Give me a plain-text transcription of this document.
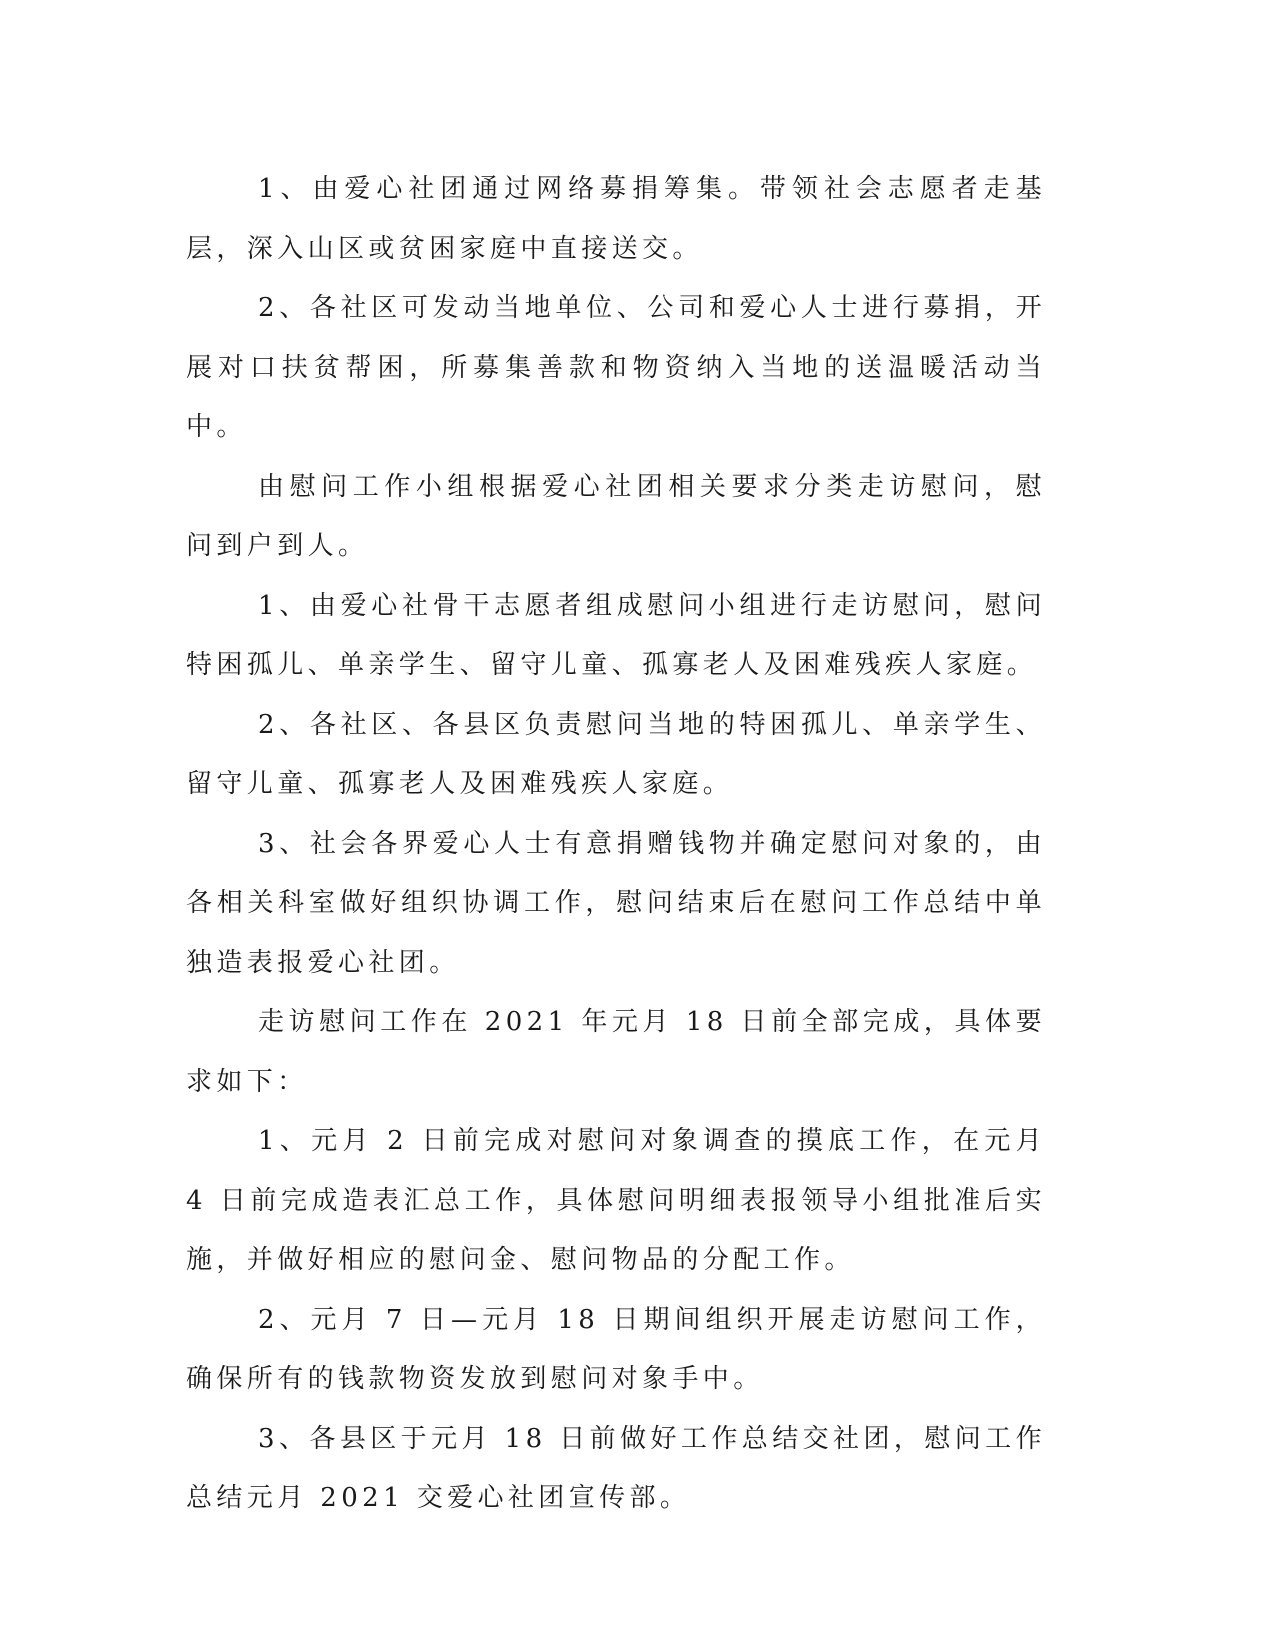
1、由爱心社团通过网络募捐筹集。带领社会志愿者走基层，深入山区或贫困家庭中直接送交。

2、各社区可发动当地单位、公司和爱心人士进行募捐，开展对口扶贫帮困，所募集善款和物资纳入当地的送温暖活动当中。

由慰问工作小组根据爱心社团相关要求分类走访慰问，慰问到户到人。

1、由爱心社骨干志愿者组成慰问小组进行走访慰问，慰问特困孤儿、单亲学生、留守儿童、孤寡老人及困难残疾人家庭。

2、各社区、各县区负责慰问当地的特困孤儿、单亲学生、留守儿童、孤寡老人及困难残疾人家庭。

3、社会各界爱心人士有意捐赠钱物并确定慰问对象的，由各相关科室做好组织协调工作，慰问结束后在慰问工作总结中单独造表报爱心社团。

走访慰问工作在 2021 年元月 18 日前全部完成，具体要求如下：

1、元月 2 日前完成对慰问对象调查的摸底工作，在元月 4 日前完成造表汇总工作，具体慰问明细表报领导小组批准后实施，并做好相应的慰问金、慰问物品的分配工作。

2、元月 7 日—元月 18 日期间组织开展走访慰问工作，确保所有的钱款物资发放到慰问对象手中。

3、各县区于元月 18 日前做好工作总结交社团，慰问工作总结元月 2021 交爱心社团宣传部。
